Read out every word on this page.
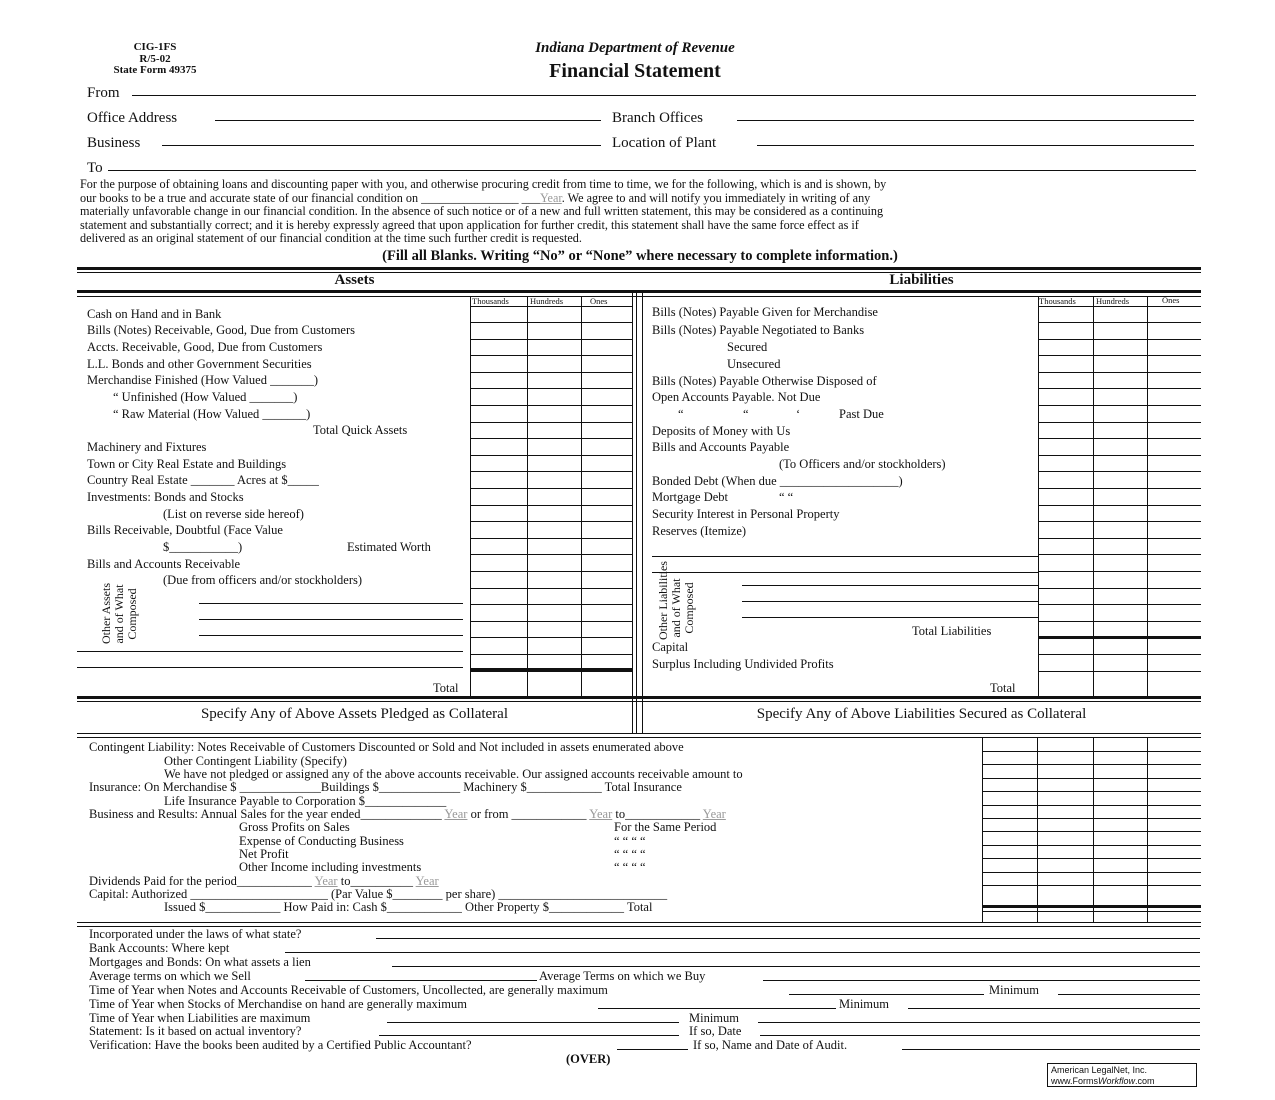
CIG-1FS
R/5-02
State Form 49375
Indiana Department of Revenue
Financial Statement
From
Office Address	Branch Offices
Business	Location of Plant
To
For the purpose of obtaining loans and discounting paper with you, and otherwise procuring credit from time to time, we for the following, which is and is shown, by
our books to be a true and accurate state of our financial condition on ________________ ___Year. We agree to and will notify you immediately in writing of any
materially unfavorable change in our financial condition. In the absence of such notice or of a new and full written statement, this may be considered as a continuing
statement and substantially correct; and it is hereby expressly agreed that upon application for further credit, this statement shall have the same force effect as if
delivered as an original statement of our financial condition at the time such further credit is requested.
(Fill all Blanks. Writing “No” or “None” where necessary to complete information.)
Assets	Liabilities
Thousands Hundreds	Ones	Thousands Hundreds	Ones
Cash on Hand and in Bank
Bills (Notes) Receivable, Good, Due from Customers
Accts. Receivable, Good, Due from Customers
L.L. Bonds and other Government Securities
Merchandise Finished (How Valued _______)
“ Unfinished (How Valued _______)
“ Raw Material (How Valued _______)
Total Quick Assets
Machinery and Fixtures
Town or City Real Estate and Buildings
Country Real Estate _______ Acres at $_____
Investments: Bonds and Stocks
(List on reverse side hereof)
Bills Receivable, Doubtful (Face Value
$___________)	Estimated Worth
Bills and Accounts Receivable
(Due from officers and/or stockholders)
Other Assets and of What Composed
Total
Bills (Notes) Payable Given for Merchandise
Bills (Notes) Payable Negotiated to Banks
Secured
Unsecured
Bills (Notes) Payable Otherwise Disposed of
Open Accounts Payable. Not Due
“	“	‘	Past Due
Deposits of Money with Us
Bills and Accounts Payable
(To Officers and/or stockholders)
Bonded Debt (When due ___________________)
Mortgage Debt	“ “
Security Interest in Personal Property
Reserves (Itemize)
Other Liabilities and of What Composed	Total Liabilities
Capital
Surplus Including Undivided Profits
Total
Specify Any of Above Assets Pledged as Collateral	Specify Any of Above Liabilities Secured as Collateral
Contingent Liability: Notes Receivable of Customers Discounted or Sold and Not included in assets enumerated above
Other Contingent Liability (Specify)
We have not pledged or assigned any of the above accounts receivable. Our assigned accounts receivable amount to
Insurance: On Merchandise $ _____________Buildings $_____________ Machinery $____________ Total Insurance
Life Insurance Payable to Corporation $_____________
Business and Results: Annual Sales for the year ended_____________ Year or from ____________ Year to____________ Year
Gross Profits on Sales	For the Same Period
Expense of Conducting Business	“ “ “ “
Net Profit	“ “ “ “
Other Income including investments	“ “ “ “
Dividends Paid for the period____________ Year to__________ Year
Capital: Authorized ______________________ (Par Value $________ per share) ___________________________
Issued $____________ How Paid in: Cash $____________ Other Property $____________ Total
Incorporated under the laws of what state?
Bank Accounts: Where kept
Mortgages and Bonds: On what assets a lien
Average terms on which we Sell	Average Terms on which we Buy
Time of Year when Notes and Accounts Receivable of Customers, Uncollected, are generally maximum	Minimum
Time of Year when Stocks of Merchandise on hand are generally maximum	Minimum
Time of Year when Liabilities are maximum	Minimum
Statement: Is it based on actual inventory?	If so, Date
Verification: Have the books been audited by a Certified Public Accountant?	If so, Name and Date of Audit.
(OVER)
American LegalNet, Inc.
www.FormsWorkflow.com
